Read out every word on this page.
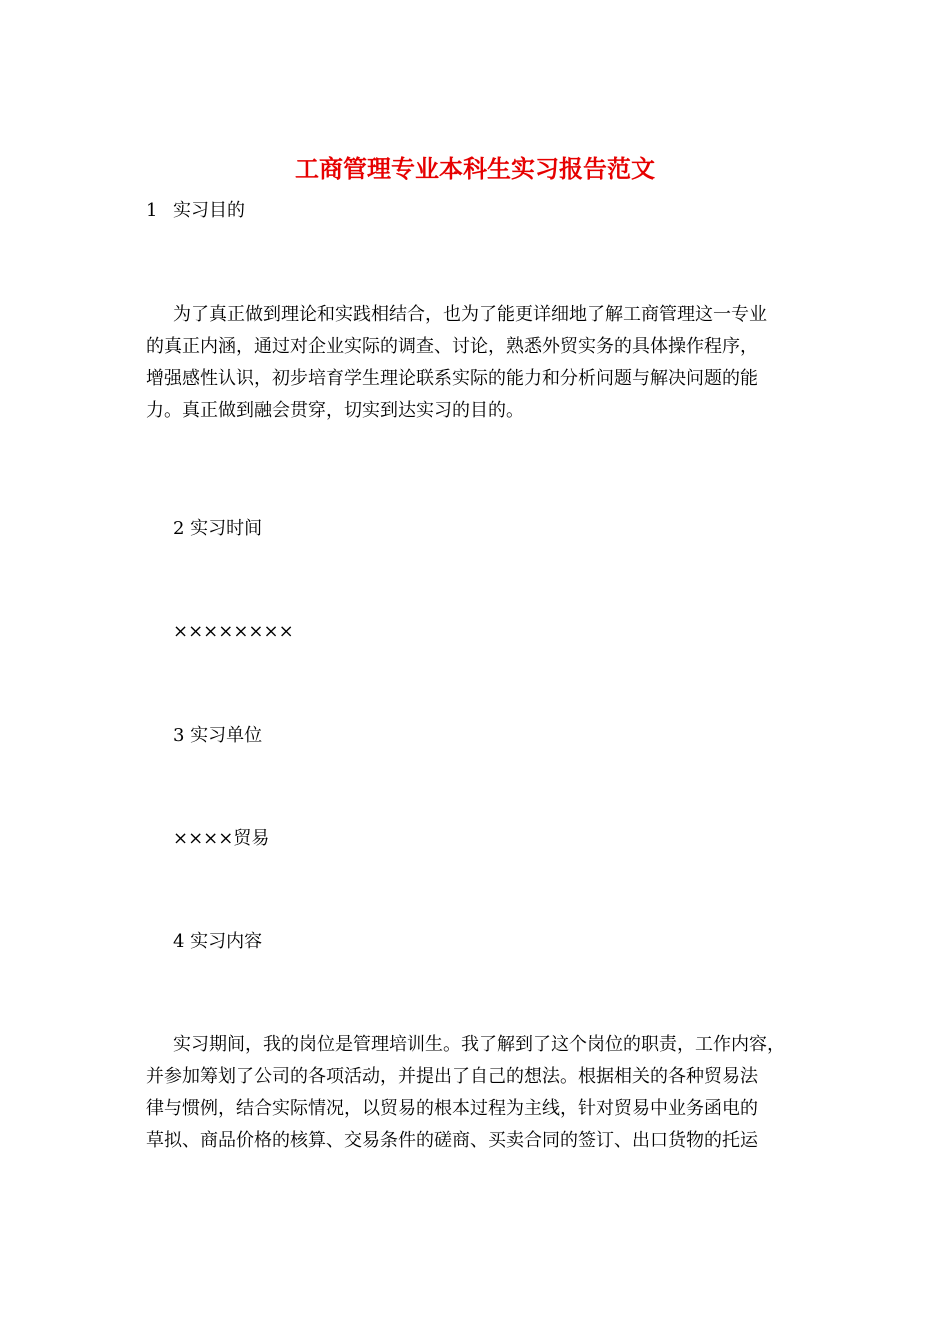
工商管理专业本科生实习报告范文
1 实习目的
为了真正做到理论和实践相结合，也为了能更详细地了解工商管理这一专业
的真正内涵，通过对企业实际的调查、讨论，熟悉外贸实务的具体操作程序，
增强感性认识，初步培育学生理论联系实际的能力和分析问题与解决问题的能
力。真正做到融会贯穿，切实到达实习的目的。
2 实习时间
××××××××
3 实习单位
××××贸易
4 实习内容
实习期间，我的岗位是管理培训生。我了解到了这个岗位的职责，工作内容，
并参加筹划了公司的各项活动，并提出了自己的想法。根据相关的各种贸易法
律与惯例，结合实际情况，以贸易的根本过程为主线，针对贸易中业务函电的
草拟、商品价格的核算、交易条件的磋商、买卖合同的签订、出口货物的托运
